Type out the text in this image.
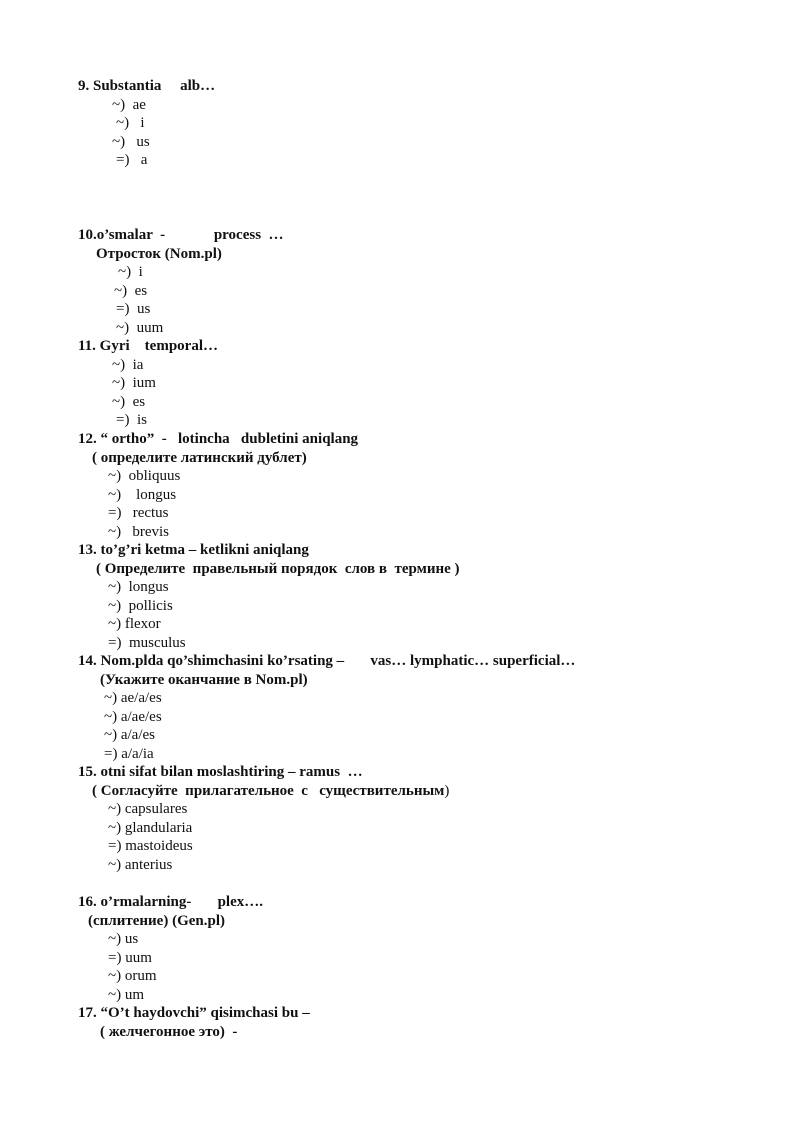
9. Substantia     alb…
~)  ae
~)   i
~)   us
=)   a
10.o’smalar  -             process  …
Отросток (Nom.pl)
~)  i
~)  es
=)  us
~)  uum
11. Gyri    temporal…
~)  ia
~)  ium
~)  es
=)  is
12. “ ortho”  -   lotincha   dubletini aniqlang
( определите латинский дублет)
~)  obliquus
~)    longus
=)   rectus
~)   brevis
13. to’g’ri ketma – ketlikni aniqlang
( Определите  правельный порядок  слов в  термине )
~)  longus
~)  pollicis
~) flexor
=)  musculus
14. Nom.plda qo’shimchasini ko’rsating –       vas… lymphatic… superficial…
(Укажите оканчание в Nom.pl)
~) ae/a/es
~) a/ae/es
~) a/a/es
=) a/a/ia
15. otni sifat bilan moslashtiring – ramus  …
( Согласуйте  прилагательное  с   существительным)
~) capsulares
~) glandularia
=) mastoideus
~) anterius
16. o’rmalarning-       plex….
(сплитение) (Gen.pl)
~) us
=) uum
~) orum
~) um
17. “O’t haydovchi” qisimchasi bu –
( желчегонное это)  -
